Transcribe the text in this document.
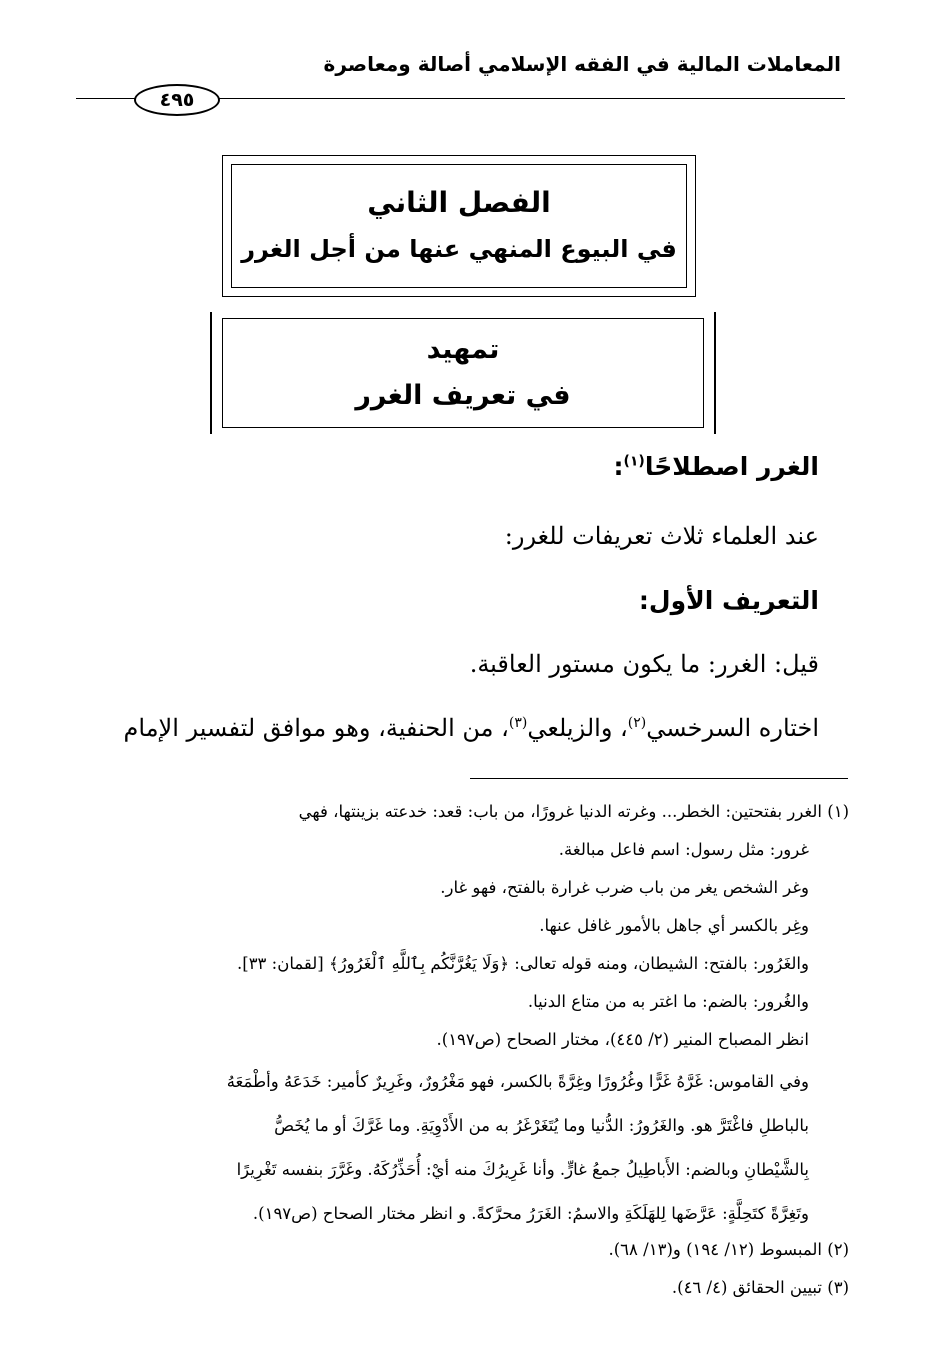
المعاملات المالية في الفقه الإسلامي أصالة ومعاصرة
٤٩٥
الفصل الثاني
في البيوع المنهي عنها من أجل الغرر
تمهيد
في تعريف الغرر
الغرر اصطلاحًا$^{(١)}$:
عند العلماء ثلاث تعريفات للغرر:
التعريف الأول:
قيل: الغرر: ما يكون مستور العاقبة.
اختاره السرخسي$^{(٢)}$، والزيلعي$^{(٣)}$، من الحنفية، وهو موافق لتفسير الإمام
(١) الغرر بفتحتين: الخطر... وغرته الدنيا غرورًا، من باب: قعد: خدعته بزينتها، فهي
غرور: مثل رسول: اسم فاعل مبالغة.
وغر الشخص يغر من باب ضرب غرارة بالفتح، فهو غار.
وغِر بالكسر أي جاهل بالأمور غافل عنها.
والغَرُور: بالفتح: الشيطان، ومنه قوله تعالى: ﴿وَلَا يَغُرَّنَّكُم بِٱللَّهِ ٱلْغَرُورُ﴾ [لقمان: ٣٣].
والغُرور: بالضم: ما اغتر به من متاع الدنيا.
انظر المصباح المنير (٢/ ٤٤٥)، مختار الصحاح (ص١٩٧).
وفي القاموس: غَرَّهُ غَرًّا وغُرُورًا وغِرَّةً بالكسر، فهو مَغْرُورٌ، وغَرِيرٌ كأمير: خَدَعَهُ وأطْمَعَهُ
بالباطلِ فاغْتَرَّ هو. والغَرُورُ: الدُّنيا وما يُتَغَرْغَرُ به من الأَدْوِيَةِ. وما غَرَّكَ أو ما يُخَصُّ
بِالشَّيْطانِ وبالضم: الأَباطِيلُ جمعُ غارٍّ. وأنا غَرِيرُكَ منه أيْ: أُحَذِّرُكَهُ. وغَرَّرَ بنفسه تَغْرِيرًا
وتَغِرَّةً كتَحِلَّةٍ: عَرَّضَها لِلهَلَكَةِ والاسمُ: الغَرَرُ محرَّكةً. و انظر مختار الصحاح (ص١٩٧).
(٢) المبسوط (١٢/ ١٩٤) و(١٣/ ٦٨).
(٣) تبيين الحقائق (٤/ ٤٦).
